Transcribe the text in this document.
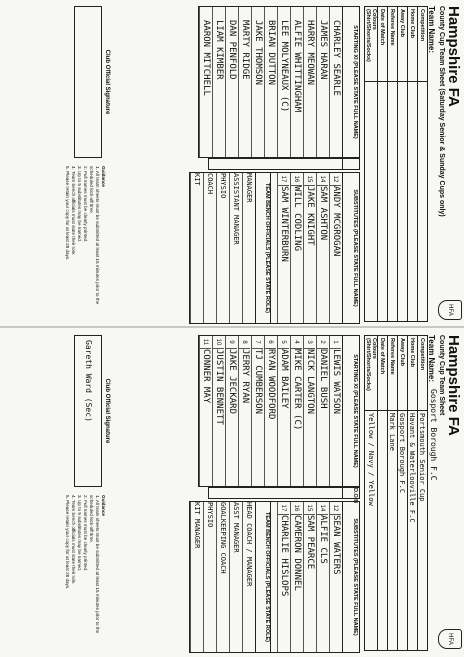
Hampshire FA
County Cup Team Sheet (Saturday Senior & Sunday Cups only)
Team Name:
HFA
Competition	
Home Club	
Away Club	
Referee Name	
Date of Match	
Colours (Shirt/Shorts/Socks)	
STARTING XI (PLEASE STATE FULL NAME)
CHARLEY SEARLE
JAMES HARAN
HARRY MEOWAN
ALFIE WHITTINGHAM
LEE MOLYNEAUX (C)
BRIAN DUTTON
JAKE THOMSON
MARTY RIDGE
DAN PENFOLD
LIAM KIMBER
AARON MITCHELL
SUBSTITUTES (PLEASE STATE FULL NAME)
12ANDY MCGROGAN
14SAM ASHTON
15JAKE KNIGHT
16WILL CODLING
17SAM WINTERBURN
TEAM BENCH OFFICIALS (PLEASE STATE ROLE)
MANAGER
ASSISTANT MANAGER
PHYSIO
COACH
KIT
Club Official Signature
Guidance
1. All team sheets must be submitted at least 15 minutes prior to the scheduled kick-off time.
2. Full names must be clearly printed.
3. Up to 5 substitutes may be named.
4. Team bench officials must state their role.
5. Please retain your copy for at least 28 days.
Hampshire FA
County Cup Team Sheet
Team Name:
Gosport Borough F.C
HFA
Competition	Portsmouth Senior Cup
Home Club	Havant & Waterlooville F.C
Away Club	Gosport Borough F.C
Referee Name	Mark Lane
Date of Match	
Colours (Shirt/Shorts/Socks)	Yellow / Navy / Yellow
STARTING XI (PLEASE STATE FULL NAME)
1LEWIS WATSON
2DANIEL BUSH
3NICK LANGTON
4MIKE CARTER (C)
5ADAM BAILEY
6RYAN WOODFORD
7TJ CUMBERSON
8JERRY RYAN
9JAKE JECKARD
10JUSTIN BENNETT
11CONNER MAY
D.O.B
SUBSTITUTES (PLEASE STATE FULL NAME)
12SEAN WATERS
14ALFIE CLS
15SAM PEARCE
16CAMERON DONNEL
17CHARLIE HISLOPS
TEAM BENCH OFFICIALS (PLEASE STATE ROLE)
HEAD COACH / MANAGER
ASST MANAGER
GOALKEEPING COACH
PHYSIO
KIT MANAGER
Club Official Signature
Gareth Ward (Sec)
Guidance
1. All team sheets must be submitted at least 15 minutes prior to the scheduled kick-off time.
2. Full names must be clearly printed.
3. Up to 5 substitutes may be named.
4. Team bench officials must state their role.
5. Please retain your copy for at least 28 days.
